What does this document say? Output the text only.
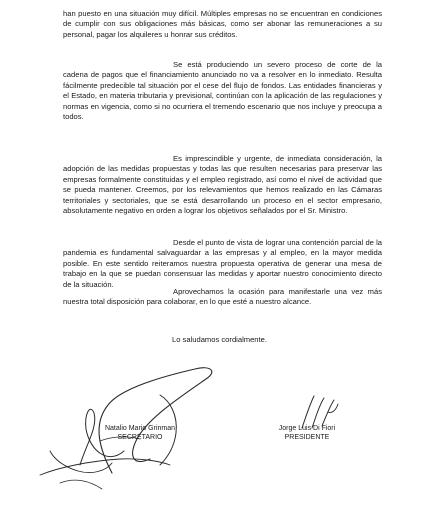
han puesto en una situación muy difícil. Múltiples empresas no se encuentran en condiciones de cumplir con sus obligaciones más básicas, como ser abonar las remuneraciones a su personal, pagar los alquileres u honrar sus créditos.

Se está produciendo un severo proceso de corte de la cadena de pagos que el financiamiento anunciado no va a resolver en lo inmediato. Resulta fácilmente predecible tal situación por el cese del flujo de fondos. Las entidades financieras y el Estado, en materia tributaria y previsional, continúan con la aplicación de las regulaciones y normas en vigencia, como si no ocurriera el tremendo escenario que nos incluye y preocupa a todos.

Es imprescindible y urgente, de inmediata consideración, la adopción de las medidas propuestas y todas las que resulten necesarias para preservar las empresas formalmente constituidas y el empleo registrado, así como el nivel de actividad que se pueda mantener. Creemos, por los relevamientos que hemos realizado en las Cámaras territoriales y sectoriales, que se está desarrollando un proceso en el sector empresario, absolutamente negativo en orden a lograr los objetivos señalados por el Sr. Ministro.

Desde el punto de vista de lograr una contención parcial de la pandemia es fundamental salvaguardar a las empresas y al empleo, en la mayor medida posible. En este sentido reiteramos nuestra propuesta operativa de generar una mesa de trabajo en la que se puedan consensuar las medidas y aportar nuestro conocimiento directo de la situación.

Aprovechamos la ocasión para manifestarle una vez más nuestra total disposición para colaborar, en lo que esté a nuestro alcance.

Lo saludamos cordialmente.

Natalio Mario Grinman
SECRETARIO
Jorge Luis Di Fiori
PRESIDENTE
